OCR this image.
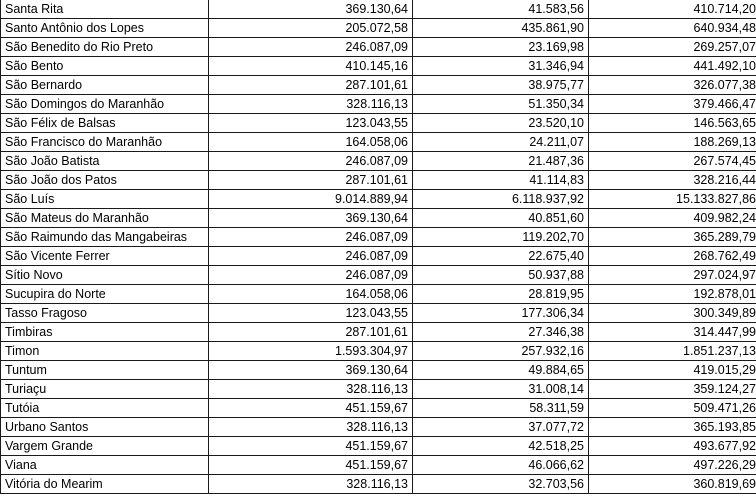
Santa Rita	369.130,64	41.583,56	410.714,20
Santo Antônio dos Lopes	205.072,58	435.861,90	640.934,48
São Benedito do Rio Preto	246.087,09	23.169,98	269.257,07
São Bento	410.145,16	31.346,94	441.492,10
São Bernardo	287.101,61	38.975,77	326.077,38
São Domingos do Maranhão	328.116,13	51.350,34	379.466,47
São Félix de Balsas	123.043,55	23.520,10	146.563,65
São Francisco do Maranhão	164.058,06	24.211,07	188.269,13
São João Batista	246.087,09	21.487,36	267.574,45
São João dos Patos	287.101,61	41.114,83	328.216,44
São Luís	9.014.889,94	6.118.937,92	15.133.827,86
São Mateus do Maranhão	369.130,64	40.851,60	409.982,24
São Raimundo das Mangabeiras	246.087,09	119.202,70	365.289,79
São Vicente Ferrer	246.087,09	22.675,40	268.762,49
Sítio Novo	246.087,09	50.937,88	297.024,97
Sucupira do Norte	164.058,06	28.819,95	192.878,01
Tasso Fragoso	123.043,55	177.306,34	300.349,89
Timbiras	287.101,61	27.346,38	314.447,99
Timon	1.593.304,97	257.932,16	1.851.237,13
Tuntum	369.130,64	49.884,65	419.015,29
Turiaçu	328.116,13	31.008,14	359.124,27
Tutóia	451.159,67	58.311,59	509.471,26
Urbano Santos	328.116,13	37.077,72	365.193,85
Vargem Grande	451.159,67	42.518,25	493.677,92
Viana	451.159,67	46.066,62	497.226,29
Vitória do Mearim	328.116,13	32.703,56	360.819,69
